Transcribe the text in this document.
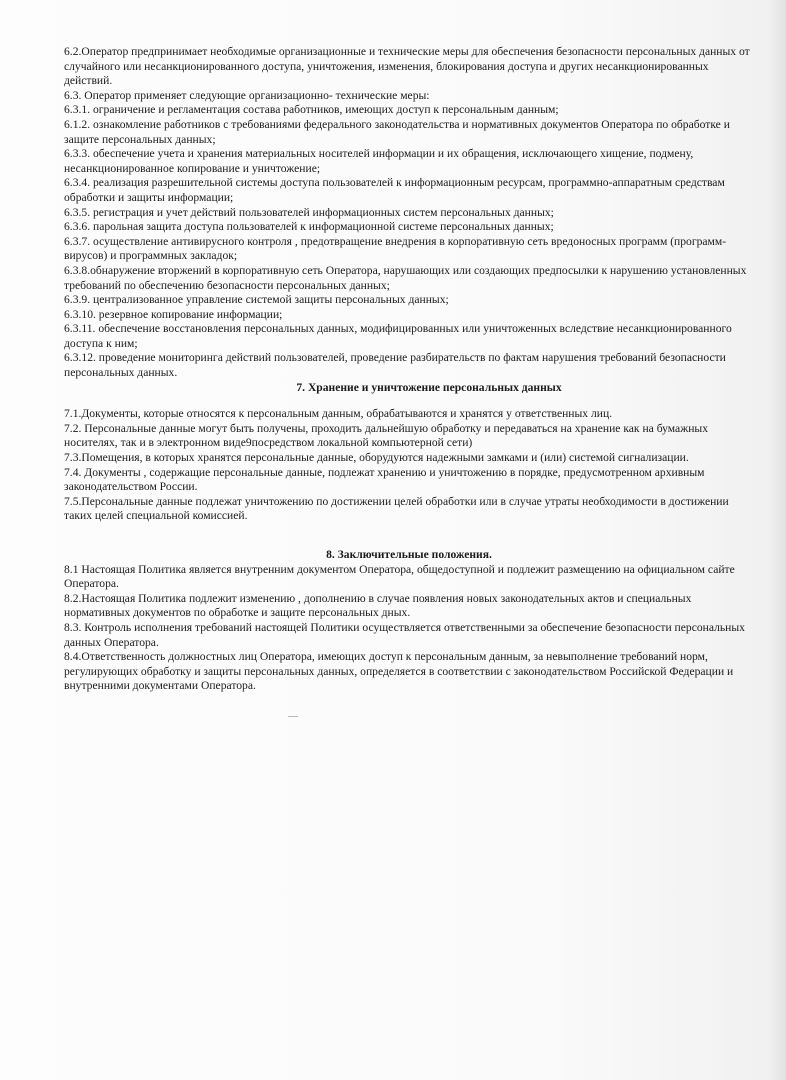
6.2.Оператор предпринимает необходимые организационные и технические меры для обеспечения безопасности персональных данных от случайного или несанкционированного доступа, уничтожения, изменения, блокирования доступа и других несанкционированных действий.

6.3. Оператор применяет следующие организационно- технические меры:

6.3.1. ограничение и регламентация состава работников, имеющих доступ к персональным данным;

6.1.2. ознакомление работников с требованиями федерального законодательства и нормативных документов Оператора по обработке и защите персональных данных;

6.3.3. обеспечение учета и хранения материальных носителей информации и их обращения, исключающего хищение, подмену, несанкционированное копирование и уничтожение;

6.3.4. реализация разрешительной системы доступа пользователей к информационным ресурсам, программно-аппаратным средствам обработки и защиты информации;

6.3.5. регистрация и учет действий пользователей информационных систем персональных данных;

6.3.6. парольная защита доступа пользователей к информационной системе персональных данных;

6.3.7. осуществление антивирусного контроля , предотвращение внедрения в корпоративную сеть вредоносных программ (программ-вирусов) и программных закладок;

6.3.8.обнаружение вторжений в корпоративную сеть Оператора, нарушающих или создающих предпосылки к нарушению установленных требований по обеспечению безопасности персональных данных;

6.3.9. централизованное управление системой защиты персональных данных;

6.3.10. резервное копирование информации;

6.3.11. обеспечение восстановления персональных данных, модифицированных или уничтоженных вследствие несанкционированного доступа к ним;

6.3.12. проведение мониторинга действий пользователей, проведение разбирательств по фактам нарушения требований безопасности персональных данных.

7. Хранение и уничтожение персональных данных

7.1.Документы, которые относятся к персональным данным, обрабатываются и хранятся у ответственных лиц.

7.2. Персональные данные могут быть получены, проходить дальнейшую обработку и передаваться на хранение как на бумажных носителях, так и в электронном виде9посредством локальной компьютерной сети)

7.3.Помещения, в которых хранятся персональные данные, оборудуются надежными замками и (или) системой сигнализации.

7.4. Документы , содержащие персональные данные, подлежат хранению и уничтожению в порядке, предусмотренном архивным законодательством России.

7.5.Персональные данные подлежат уничтожению по достижении целей обработки или в случае утраты необходимости в достижении таких целей специальной комиссией.

8. Заключительные положения.

8.1 Настоящая Политика является внутренним документом Оператора, общедоступной и подлежит размещению на официальном сайте Оператора.

8.2.Настоящая Политика подлежит изменению , дополнению в случае появления новых законодательных актов и специальных нормативных документов по обработке и защите персональных дных.

8.3. Контроль исполнения требований настоящей Политики осуществляется ответственными за обеспечение безопасности персональных данных Оператора.

8.4.Ответственность должностных лиц Оператора, имеющих доступ к персональным данным, за невыполнение требований норм, регулирующих обработку и защиты персональных данных, определяется в соответствии с законодательством Российской Федерации и внутренними документами Оператора.
